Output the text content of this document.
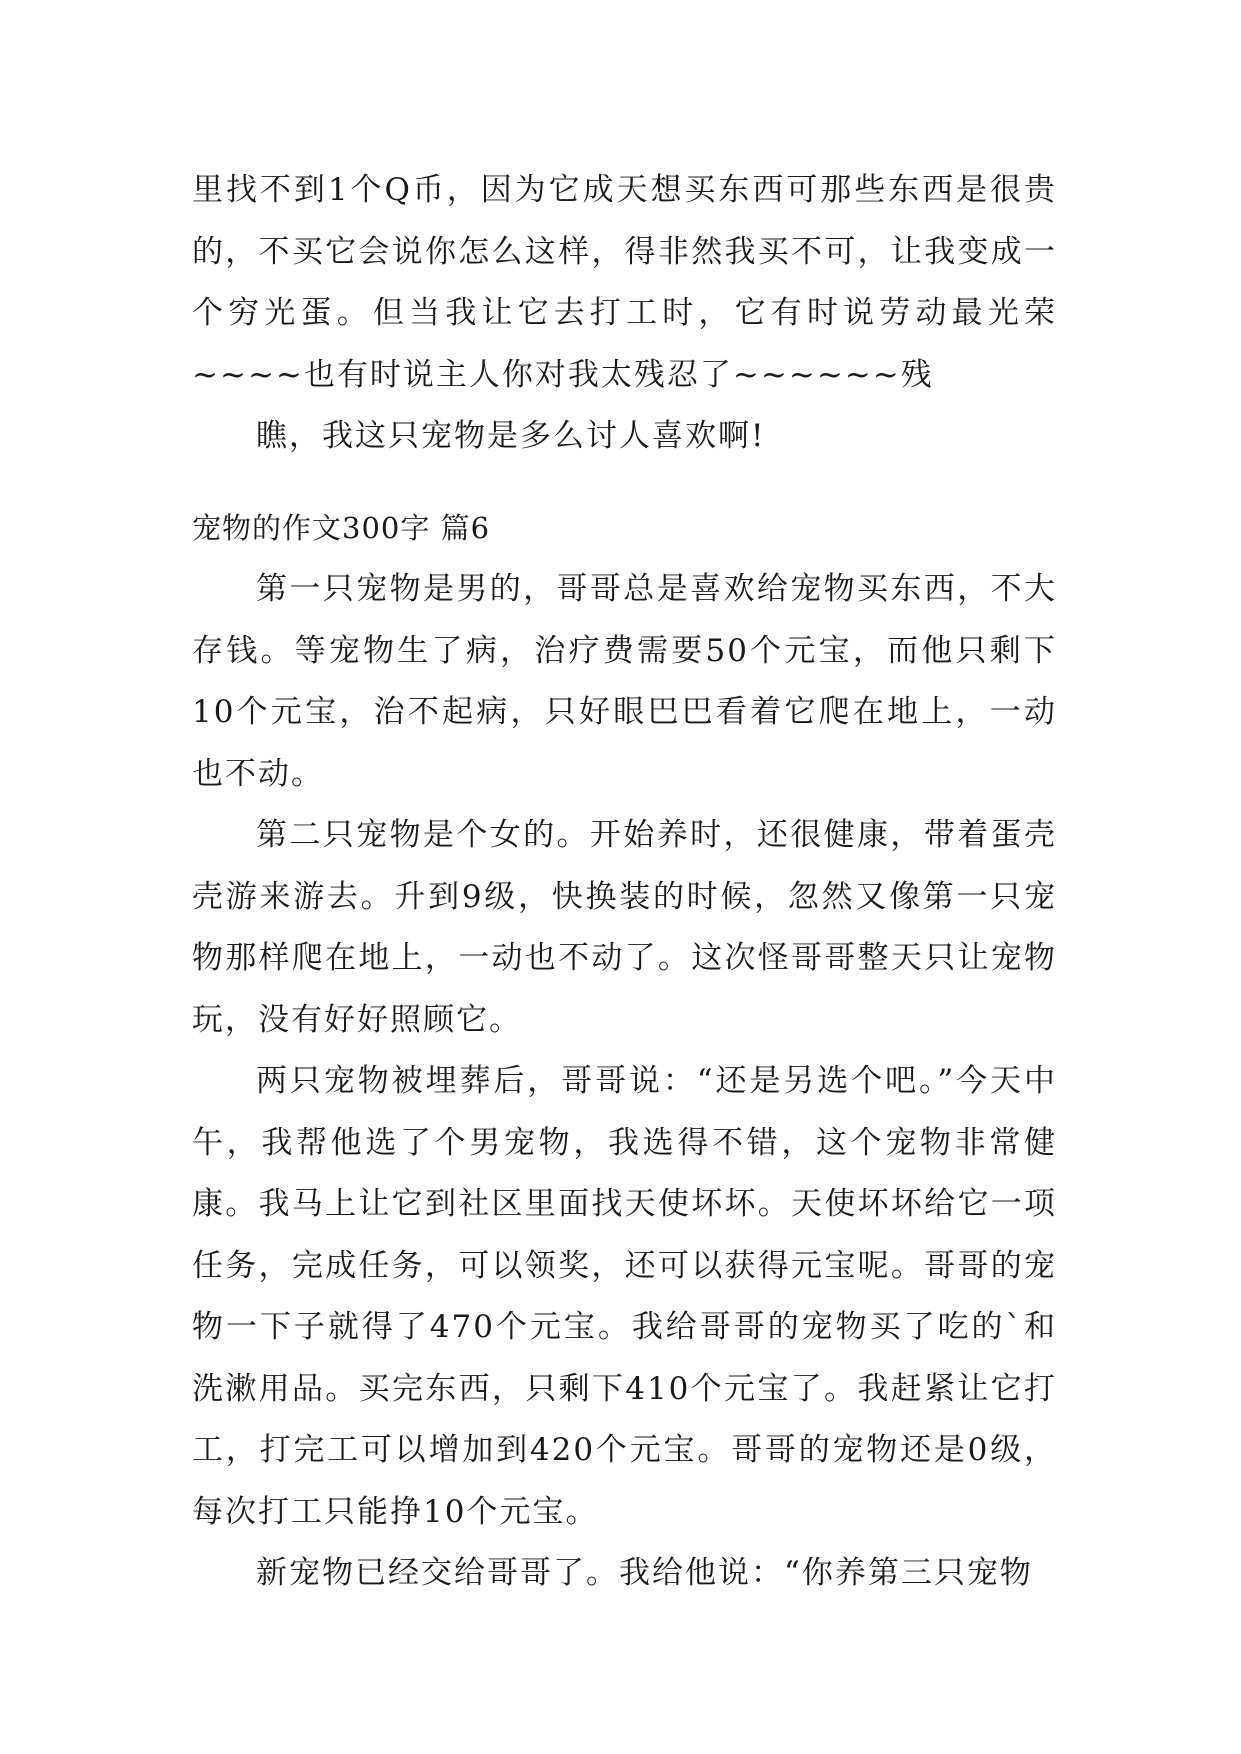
里找不到1个Q币，因为它成天想买东西可那些东西是很贵的，不买它会说你怎么这样，得非然我买不可，让我变成一个穷光蛋。但当我让它去打工时，它有时说劳动最光荣~~~~也有时说主人你对我太残忍了~~~~~~残

瞧，我这只宠物是多么讨人喜欢啊!

宠物的作文300字 篇6

第一只宠物是男的，哥哥总是喜欢给宠物买东西，不大存钱。等宠物生了病，治疗费需要50个元宝，而他只剩下10个元宝，治不起病，只好眼巴巴看着它爬在地上，一动也不动。

第二只宠物是个女的。开始养时，还很健康，带着蛋壳壳游来游去。升到9级，快换装的时候，忽然又像第一只宠物那样爬在地上，一动也不动了。这次怪哥哥整天只让宠物玩，没有好好照顾它。

两只宠物被埋葬后，哥哥说：“还是另选个吧。”今天中午，我帮他选了个男宠物，我选得不错，这个宠物非常健康。我马上让它到社区里面找天使坏坏。天使坏坏给它一项任务，完成任务，可以领奖，还可以获得元宝呢。哥哥的宠物一下子就得了470个元宝。我给哥哥的宠物买了吃的`和洗漱用品。买完东西，只剩下410个元宝了。我赶紧让它打工，打完工可以增加到420个元宝。哥哥的宠物还是0级，每次打工只能挣10个元宝。

新宠物已经交给哥哥了。我给他说：“你养第三只宠物
